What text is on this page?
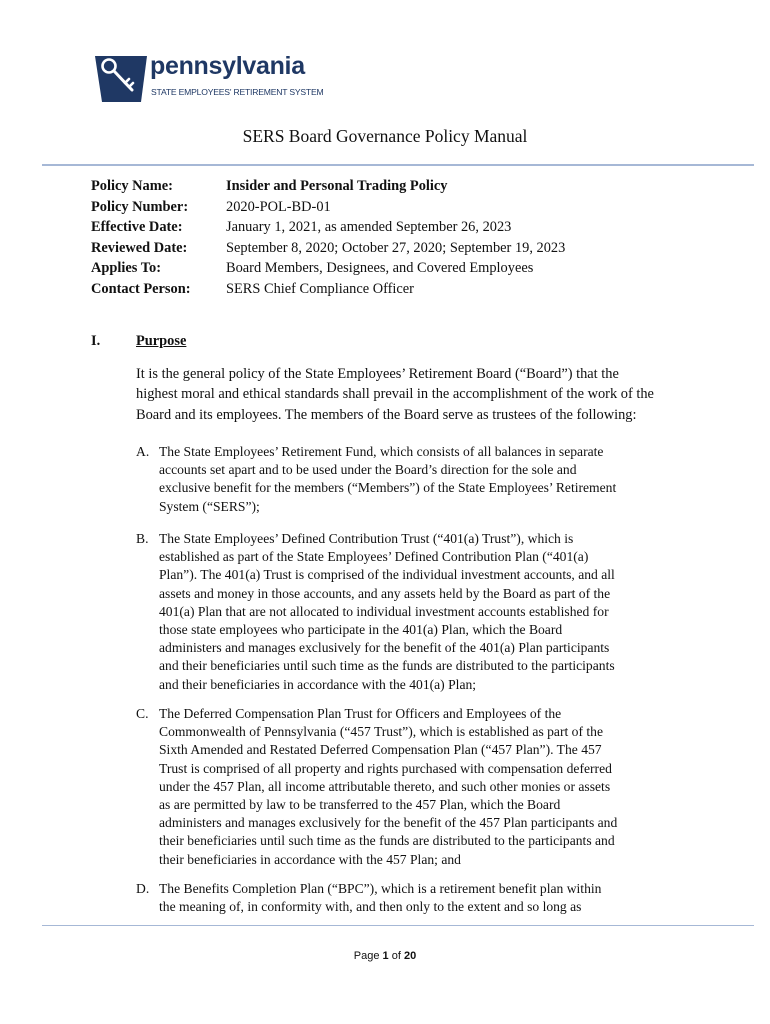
pennsylvania
STATE EMPLOYEES' RETIREMENT SYSTEM
SERS Board Governance Policy Manual
Policy Name:	Insider and Personal Trading Policy
Policy Number:	2020-POL-BD-01
Effective Date:	January 1, 2021, as amended September 26, 2023
Reviewed Date:	September 8, 2020; October 27, 2020; September 19, 2023
Applies To:	Board Members, Designees, and Covered Employees
Contact Person: SERS Chief Compliance Officer
I. Purpose
It is the general policy of the State Employees’ Retirement Board (“Board”) that the
highest moral and ethical standards shall prevail in the accomplishment of the work of the
Board and its employees. The members of the Board serve as trustees of the following:
A. The State Employees’ Retirement Fund, which consists of all balances in separate
accounts set apart and to be used under the Board’s direction for the sole and
exclusive benefit for the members (“Members”) of the State Employees’ Retirement
System (“SERS”);
B. The State Employees’ Defined Contribution Trust (“401(a) Trust”), which is
established as part of the State Employees’ Defined Contribution Plan (“401(a)
Plan”). The 401(a) Trust is comprised of the individual investment accounts, and all
assets and money in those accounts, and any assets held by the Board as part of the
401(a) Plan that are not allocated to individual investment accounts established for
those state employees who participate in the 401(a) Plan, which the Board
administers and manages exclusively for the benefit of the 401(a) Plan participants
and their beneficiaries until such time as the funds are distributed to the participants
and their beneficiaries in accordance with the 401(a) Plan;
C. The Deferred Compensation Plan Trust for Officers and Employees of the
Commonwealth of Pennsylvania (“457 Trust”), which is established as part of the
Sixth Amended and Restated Deferred Compensation Plan (“457 Plan”). The 457
Trust is comprised of all property and rights purchased with compensation deferred
under the 457 Plan, all income attributable thereto, and such other monies or assets
as are permitted by law to be transferred to the 457 Plan, which the Board
administers and manages exclusively for the benefit of the 457 Plan participants and
their beneficiaries until such time as the funds are distributed to the participants and
their beneficiaries in accordance with the 457 Plan; and
D. The Benefits Completion Plan (“BPC”), which is a retirement benefit plan within
the meaning of, in conformity with, and then only to the extent and so long as
Page 1 of 20
